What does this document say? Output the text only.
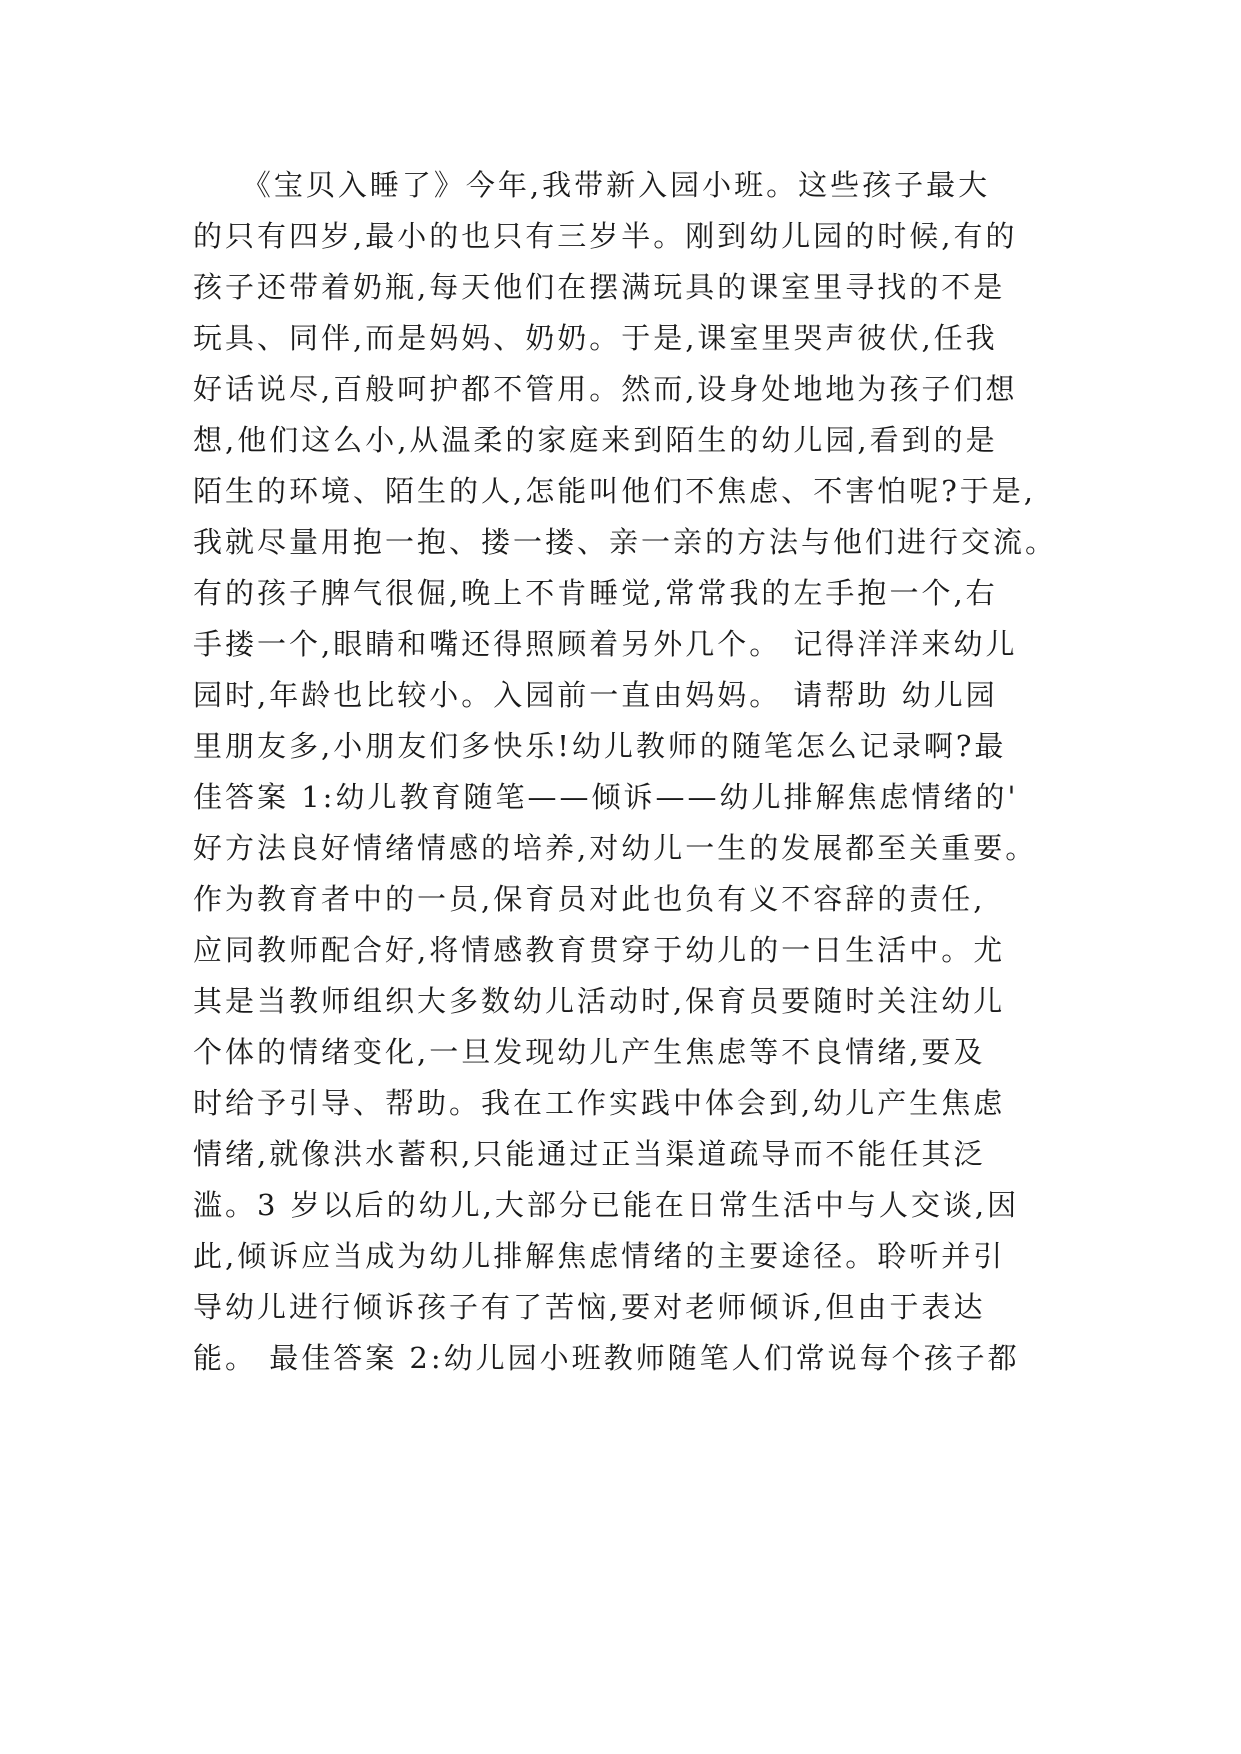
《宝贝入睡了》今年,我带新入园小班。这些孩子最大
的只有四岁,最小的也只有三岁半。刚到幼儿园的时候,有的
孩子还带着奶瓶,每天他们在摆满玩具的课室里寻找的不是
玩具、同伴,而是妈妈、奶奶。于是,课室里哭声彼伏,任我
好话说尽,百般呵护都不管用。然而,设身处地地为孩子们想
想,他们这么小,从温柔的家庭来到陌生的幼儿园,看到的是
陌生的环境、陌生的人,怎能叫他们不焦虑、不害怕呢?于是,
我就尽量用抱一抱、搂一搂、亲一亲的方法与他们进行交流。
有的孩子脾气很倔,晚上不肯睡觉,常常我的左手抱一个,右
手搂一个,眼睛和嘴还得照顾着另外几个。 记得洋洋来幼儿
园时,年龄也比较小。入园前一直由妈妈。 请帮助 幼儿园
里朋友多,小朋友们多快乐!幼儿教师的随笔怎么记录啊?最
佳答案 1:幼儿教育随笔——倾诉——幼儿排解焦虑情绪的'
好方法良好情绪情感的培养,对幼儿一生的发展都至关重要。
作为教育者中的一员,保育员对此也负有义不容辞的责任,
应同教师配合好,将情感教育贯穿于幼儿的一日生活中。尤
其是当教师组织大多数幼儿活动时,保育员要随时关注幼儿
个体的情绪变化,一旦发现幼儿产生焦虑等不良情绪,要及
时给予引导、帮助。我在工作实践中体会到,幼儿产生焦虑
情绪,就像洪水蓄积,只能通过正当渠道疏导而不能任其泛
滥。3 岁以后的幼儿,大部分已能在日常生活中与人交谈,因
此,倾诉应当成为幼儿排解焦虑情绪的主要途径。聆听并引
导幼儿进行倾诉孩子有了苦恼,要对老师倾诉,但由于表达
能。 最佳答案 2:幼儿园小班教师随笔人们常说每个孩子都
